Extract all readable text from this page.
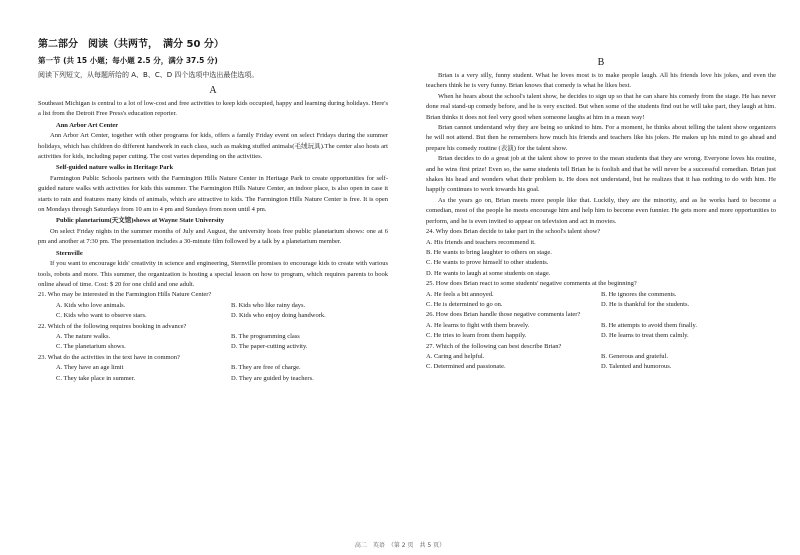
第二部分　阅读（共两节，　满分 50 分）
第一节 (共 15 小题；每小题 2.5 分，满分 37.5 分)
阅读下列短文，从每题所给的 A、B、C、D 四个选项中选出最佳选项。
A

Southeast Michigan is central to a lot of low-cost and free activities to keep kids occupied, happy and learning during holidays. Here's a list from the Detroit Free Press's education reporter.

Ann Arbor Art Center

Ann Arbor Art Center, together with other programs for kids, offers a family Friday event on select Fridays during the summer holidays, which has children do different handwork in each class, such as making stuffed animals(毛绒玩具).The center also hosts art activities for kids, including paper cutting. The cost varies depending on the activities.

Self-guided nature walks in Heritage Park

Farmington Public Schools partners with the Farmington Hills Nature Center in Heritage Park to create opportunities for self-guided nature walks with activities for kids this summer. The Farmington Hills Nature Center, an indoor place, is also open in case it starts to rain and features many kinds of animals, which are attractive to kids. The Farmington Hills Nature Center is free. It is open on Mondays through Saturdays from 10 am to 4 pm and Sundays from noon until 4 pm.

Public planetarium(天文馆)shows at Wayne State University

On select Friday nights in the summer months of July and August, the university hosts free public planetarium shows: one at 6 pm and another at 7:30 pm. The presentation includes a 30-minute film followed by a talk by a planetarium member.

Sternville

If you want to encourage kids' creativity in science and engineering, Sternville promises to encourage kids to create with various tools, robots and more. This summer, the organization is hosting a special lesson on how to program, which requires parents to book online ahead of time. Cost: $ 20 for one child and one adult.

21. Who may be interested in the Farmington Hills Nature Center?

A. Kids who love animals.	B. Kids who like rainy days.
C. Kids who want to observe stars.	D. Kids who enjoy doing handwork.

22. Which of the following requires booking in advance?

A. The nature walks.	B. The programming class
C. The planetarium shows.	D. The paper-cutting activity.

23. What do the activities in the text have in common?

A. They have an age limit	B. They are free of charge.
C. They take place in summer.	D. They are guided by teachers.
B

Brian is a very silly, funny student. What he loves most is to make people laugh. All his friends love his jokes, and even the teachers think he is very funny. Brian knows that comedy is what he likes best.

When he hears about the school's talent show, he decides to sign up so that he can share his comedy from the stage. He has never done real stand-up comedy before, and he is very excited. But when some of the students find out he will take part, they laugh at him. Brian thinks it does not feel very good when someone laughs at him in a mean way!

Brian cannot understand why they are being so unkind to him. For a moment, he thinks about telling the talent show organizers he will not attend. But then he remembers how much his friends and teachers like his jokes. He makes up his mind to go ahead and prepare his comedy routine (表演) for the talent show.

Brian decides to do a great job at the talent show to prove to the mean students that they are wrong. Everyone loves his routine, and he wins first prize! Even so, the same students tell Brian he is foolish and that he will never be a successful comedian. Brian just shakes his head and wonders what their problem is. He does not understand, but he realizes that it has nothing to do with him. He happily continues to work towards his goal.

As the years go on, Brian meets more people like that. Luckily, they are the minority, and as he works hard to become a comedian, most of the people he meets encourage him and help him to become even funnier. He gets more and more opportunities to perform, and he is even invited to appear on television and act in movies.

24. Why does Brian decide to take part in the school's talent show?

A. His friends and teachers recommend it.

B. He wants to bring laughter to others on stage.

C. He wants to prove himself to other students.

D. He wants to laugh at some students on stage.

25. How does Brian react to some students' negative comments at the beginning?

A. He feels a bit annoyed.	B. He ignores the comments.
C. He is determined to go on.	D. He is thankful for the students.

26. How does Brian handle those negative comments later?

A. He learns to fight with them bravely.	B. He attempts to avoid them finally.
C. He tries to learn from them happily.	D. He learns to treat them calmly.

27. Which of the following can best describe Brian?

A. Caring and helpful.	B. Generous and grateful.
C. Determined and passionate.	D. Talented and humorous.
高二　英语　（第 2 页　共 5 页）
